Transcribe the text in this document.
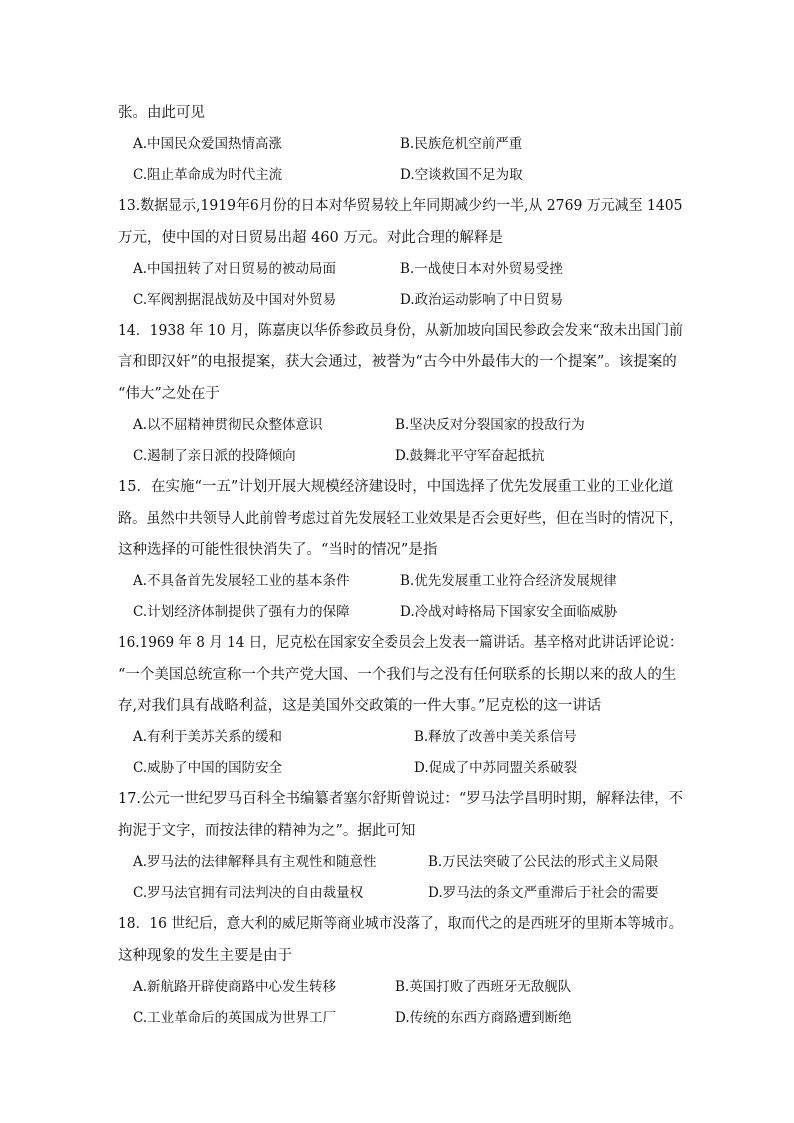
张。由此可见
A.中国民众爱国热情高涨	B.民族危机空前严重
C.阻止革命成为时代主流	D.空谈救国不足为取
13.数据显示,1919年6月份的日本对华贸易较上年同期减少约一半,从 2769 万元减至 1405
万元，使中国的对日贸易出超 460 万元。对此合理的解释是
A.中国扭转了对日贸易的被动局面	B.一战使日本对外贸易受挫
C.军阀割据混战妨及中国对外贸易	D.政治运动影响了中日贸易
14．1938 年 10 月，陈嘉庚以华侨参政员身份，从新加坡向国民参政会发来“敌未出国门前
言和即汉奸”的电报提案，获大会通过，被誉为“古今中外最伟大的一个提案”。该提案的
“伟大”之处在于
A.以不屈精神贯彻民众整体意识	B.坚决反对分裂国家的投敌行为
C.遏制了亲日派的投降倾向	D.鼓舞北平守军奋起抵抗
15．在实施“一五”计划开展大规模经济建设时，中国选择了优先发展重工业的工业化道
路。虽然中共领导人此前曾考虑过首先发展轻工业效果是否会更好些，但在当时的情况下，
这种选择的可能性很快消失了。“当时的情况”是指
A.不具备首先发展轻工业的基本条件	B.优先发展重工业符合经济发展规律
C.计划经济体制提供了强有力的保障	D.冷战对峙格局下国家安全面临威胁
16.1969 年 8 月 14 日，尼克松在国家安全委员会上发表一篇讲话。基辛格对此讲话评论说：
“一个美国总统宣称一个共产党大国、一个我们与之没有任何联系的长期以来的敌人的生
存,对我们具有战略利益，这是美国外交政策的一件大事。”尼克松的这一讲话
A.有利于美苏关系的缓和	B.释放了改善中美关系信号
C.威胁了中国的国防安全	D.促成了中苏同盟关系破裂
17.公元一世纪罗马百科全书编纂者塞尔舒斯曾说过：“罗马法学昌明时期，解释法律，不
拘泥于文字，而按法律的精神为之”。据此可知
A.罗马法的法律解释具有主观性和随意性	B.万民法突破了公民法的形式主义局限
C.罗马法官拥有司法判决的自由裁量权	D.罗马法的条文严重滞后于社会的需要
18．16 世纪后，意大利的威尼斯等商业城市没落了，取而代之的是西班牙的里斯本等城市。
这种现象的发生主要是由于
A.新航路开辟使商路中心发生转移	B.英国打败了西班牙无敌舰队
C.工业革命后的英国成为世界工厂	D.传统的东西方商路遭到断绝
